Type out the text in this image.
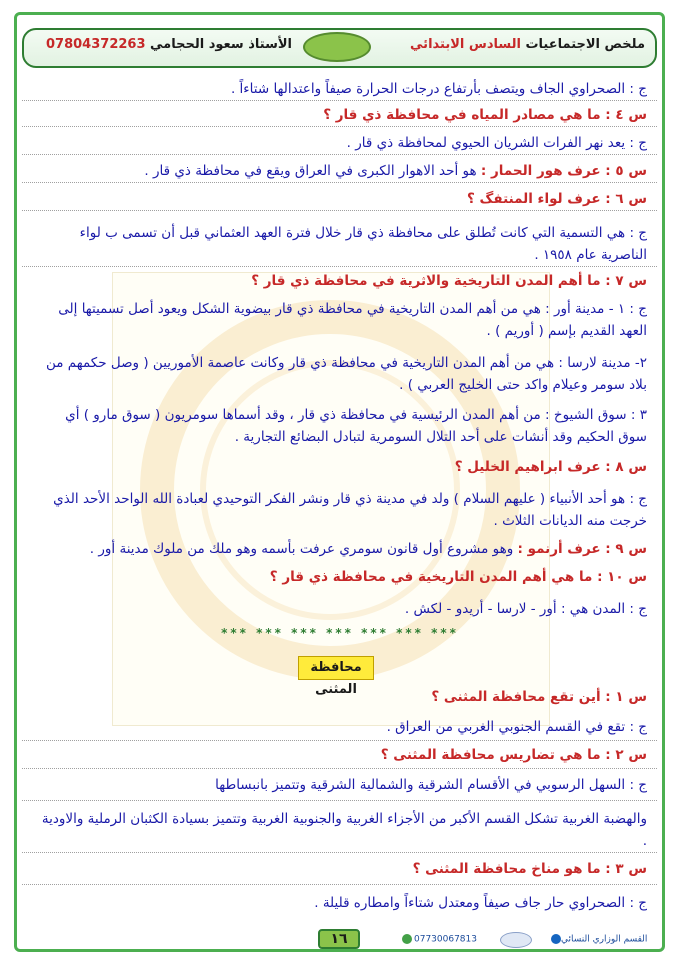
ملخص الاجتماعيات السادس الابتدائي
الأستاذ سعود الحجامي 07804372263
ج : الصحراوي الجاف ويتصف بأرتفاع درجات الحرارة صيفاً واعتدالها شتاءاً .
س ٤ : ما هي مصادر المياه في محافظة ذي قار ؟
ج : يعد نهر الفرات الشريان الحيوي لمحافظة ذي قار .
س ٥ : عرف هور الحمار : هو أحد الاهوار الكبرى في العراق ويقع في محافظة ذي قار .
س ٦ : عرف لواء المنتفگ ؟
ج : هي التسمية التي كانت تُطلق على محافظة ذي قار خلال فترة العهد العثماني قبل أن تسمى ب لواء الناصرية عام ١٩٥٨ .
س ٧ : ما أهم المدن التاريخية والاثرية في محافظة ذي قار ؟
ج : ١ - مدينة أور : هي من أهم المدن التاريخية في محافظة ذي قار بيضوية الشكل ويعود أصل تسميتها إلى العهد القديم بإسم ( أوريم ) .
٢- مدينة لارسا : هي من أهم المدن التاريخية في محافظة ذي قار وكانت عاصمة الأموريين ( وصل حكمهم من بلاد سومر وعيلام واكد حتى الخليج العربي ) .
٣ : سوق الشيوخ : من أهم المدن الرئيسية في محافظة ذي قار ، وقد أسماها سومريون ( سوق مارو ) أي سوق الحكيم وقد أنشات على أحد التلال السومرية لتبادل البضائع التجارية .
س ٨ : عرف ابراهيم الخليل ؟
ج : هو أحد الأنبياء ( عليهم السلام ) ولد في مدينة ذي قار ونشر الفكر التوحيدي لعبادة الله الواحد الأحد الذي خرجت منه الديانات الثلاث .
س ٩ : عرف أرنمو : وهو مشروع أول قانون سومري عرفت بأسمه وهو ملك من ملوك مدينة أور .
س ١٠ : ما هي أهم المدن التاريخية في محافظة ذي قار ؟
ج : المدن هي : أور - لارسا - أريدو - لكش .
*** *** *** *** *** *** ***
محافظة المثنى	س ١ : أين تقع محافظة المثنى ؟
ج : تقع في القسم الجنوبي الغربي من العراق .
س ٢ : ما هي تضاريس محافظة المثنى ؟
ج : السهل الرسوبي في الأقسام الشرقية والشمالية الشرقية وتتميز بانبساطها
والهضبة الغربية تشكل القسم الأكبر من الأجزاء الغربية والجنوبية الغربية وتتميز بسيادة الكثبان الرملية والاودية .
س ٣ : ما هو مناخ محافظة المثنى ؟
ج : الصحراوي حار جاف صيفاً ومعتدل شتاءاً وامطاره قليلة .
١٦	07730067813	القسم الوزاري النسائي
